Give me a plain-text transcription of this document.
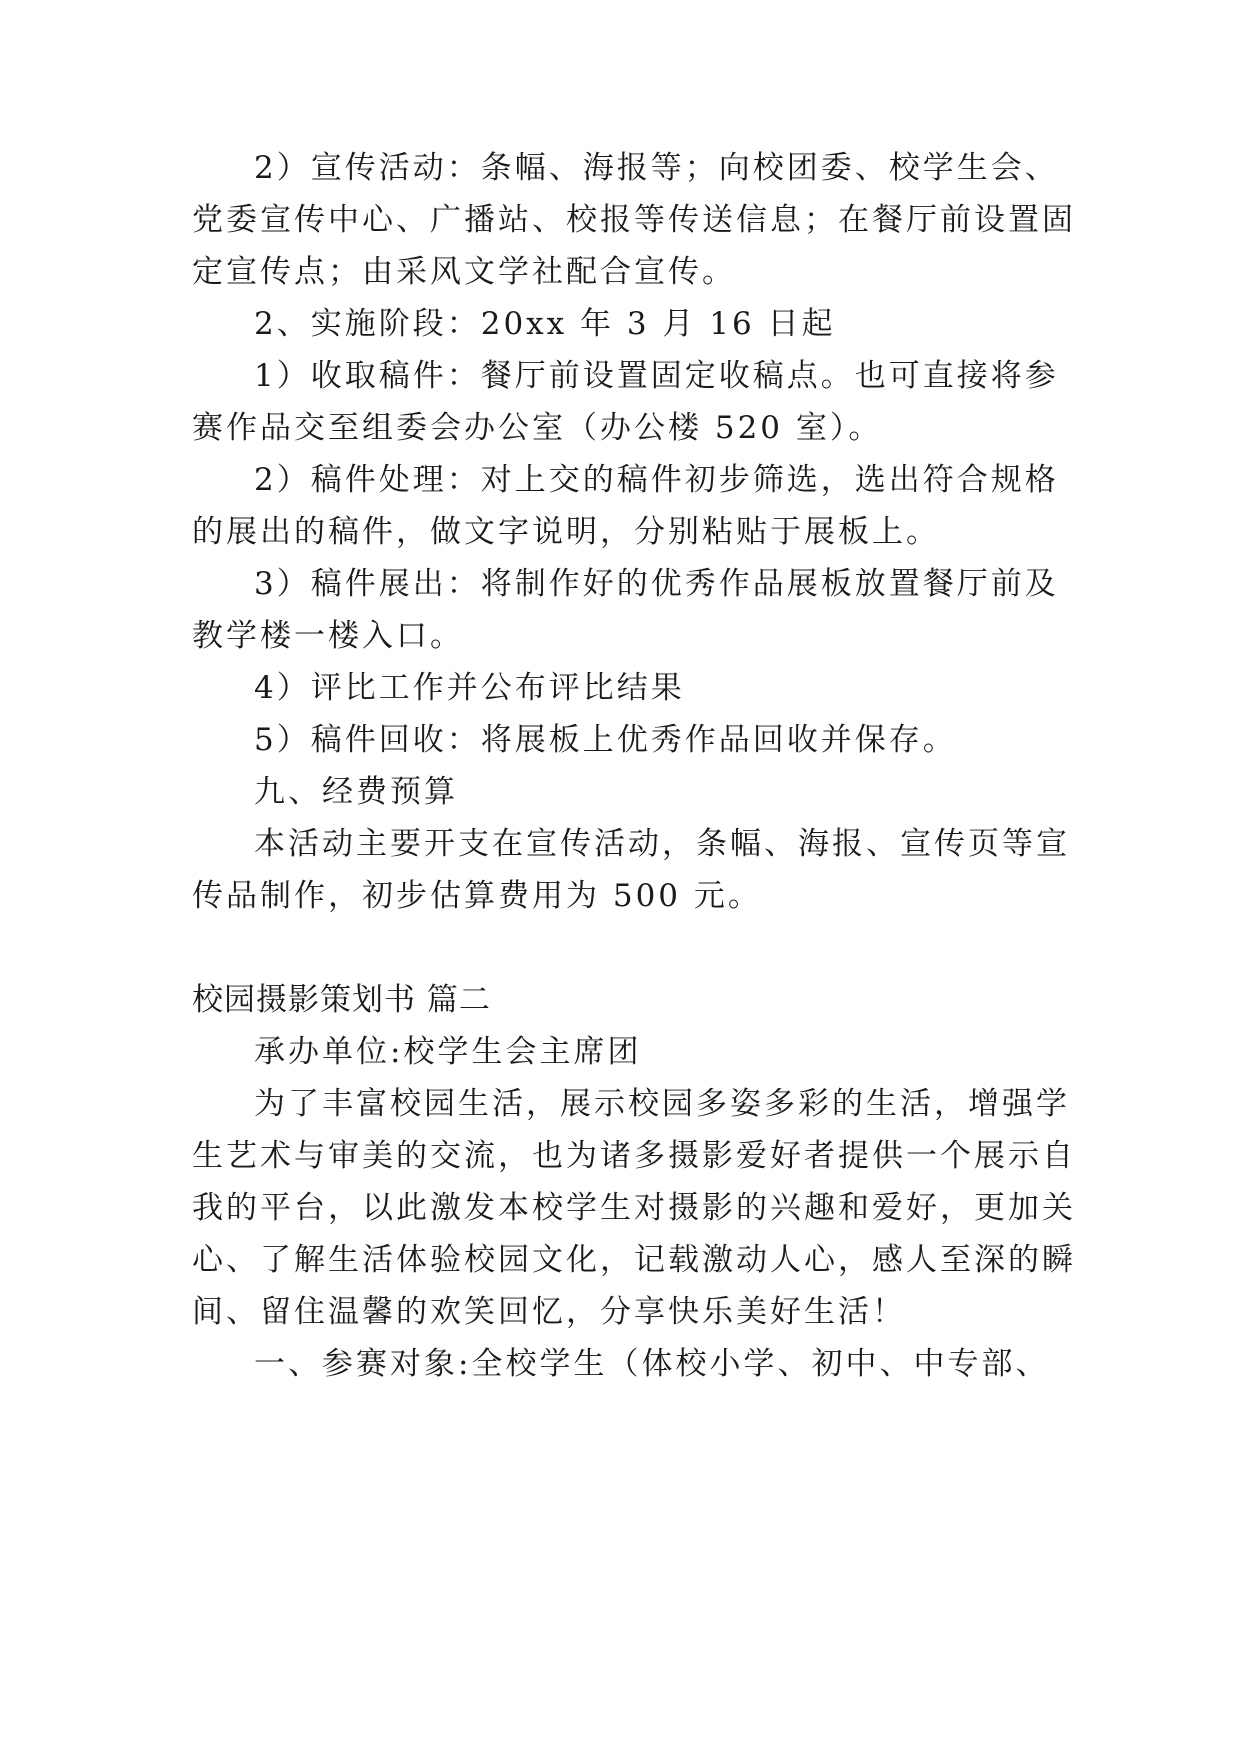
2）宣传活动：条幅、海报等；向校团委、校学生会、

党委宣传中心、广播站、校报等传送信息；在餐厅前设置固

定宣传点；由采风文学社配合宣传。

2、实施阶段：20xx 年 3 月 16 日起

1）收取稿件：餐厅前设置固定收稿点。也可直接将参

赛作品交至组委会办公室（办公楼 520 室）。

2）稿件处理：对上交的稿件初步筛选，选出符合规格

的展出的稿件，做文字说明，分别粘贴于展板上。

3）稿件展出：将制作好的优秀作品展板放置餐厅前及

教学楼一楼入口。

4）评比工作并公布评比结果

5）稿件回收：将展板上优秀作品回收并保存。

九、经费预算

本活动主要开支在宣传活动，条幅、海报、宣传页等宣

传品制作，初步估算费用为 500 元。

校园摄影策划书 篇二

承办单位:校学生会主席团

为了丰富校园生活，展示校园多姿多彩的生活，增强学

生艺术与审美的交流，也为诸多摄影爱好者提供一个展示自

我的平台，以此激发本校学生对摄影的兴趣和爱好，更加关

心、了解生活体验校园文化，记载激动人心，感人至深的瞬

间、留住温馨的欢笑回忆，分享快乐美好生活！

一、参赛对象:全校学生（体校小学、初中、中专部、
